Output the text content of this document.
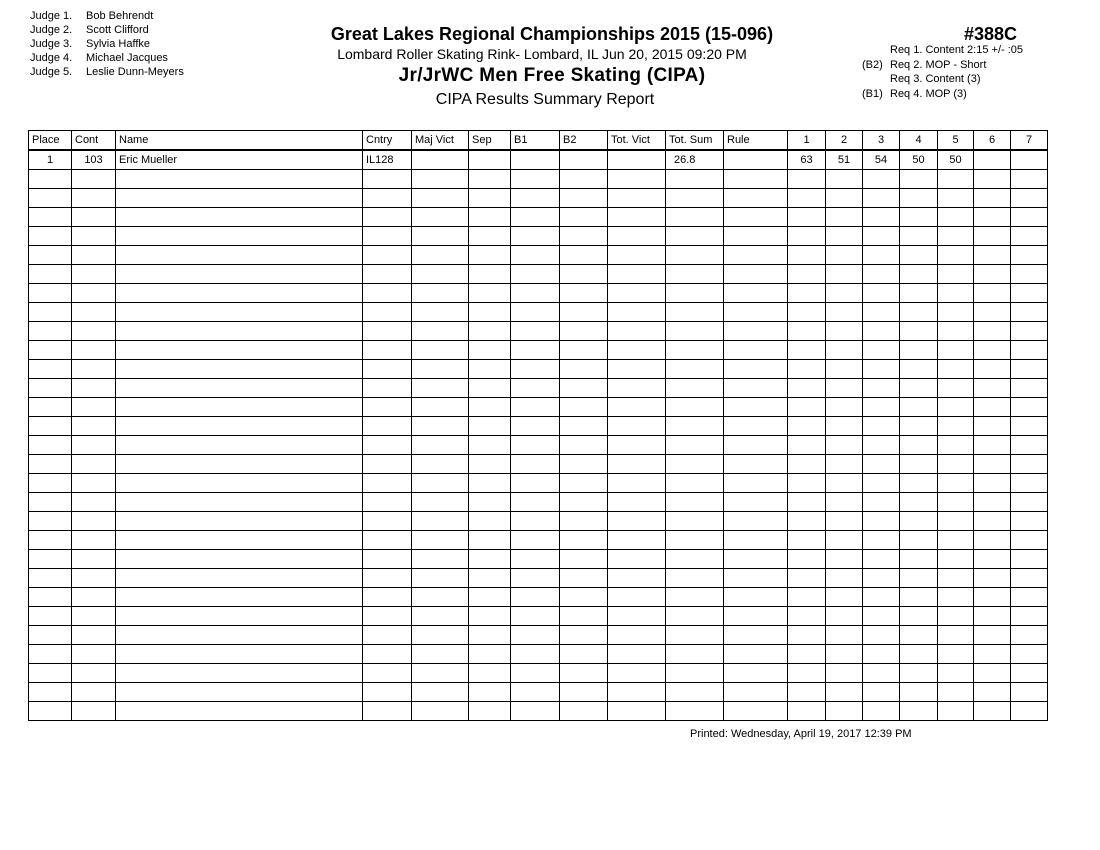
Judge 1. Bob Behrendt
Judge 2. Scott Clifford
Judge 3. Sylvia Haffke
Judge 4. Michael Jacques
Judge 5. Leslie Dunn-Meyers
Great Lakes Regional Championships 2015 (15-096)
Lombard Roller Skating Rink- Lombard, IL Jun 20, 2015 09:20 PM
Jr/JrWC Men Free Skating (CIPA)
CIPA Results Summary Report
#388C
Req 1. Content 2:15 +/- :05
(B2) Req 2. MOP - Short
Req 3. Content (3)
(B1) Req 4. MOP (3)
Place	Cont	Name	Cntry	Maj Vict	Sep	B1	B2	Tot. Vict	Tot. Sum	Rule	1	2	3	4	5	6	7
1	103	Eric Mueller	IL128						26.8		63	51	54	50	50		

Printed: Wednesday, April 19, 2017 12:39 PM
